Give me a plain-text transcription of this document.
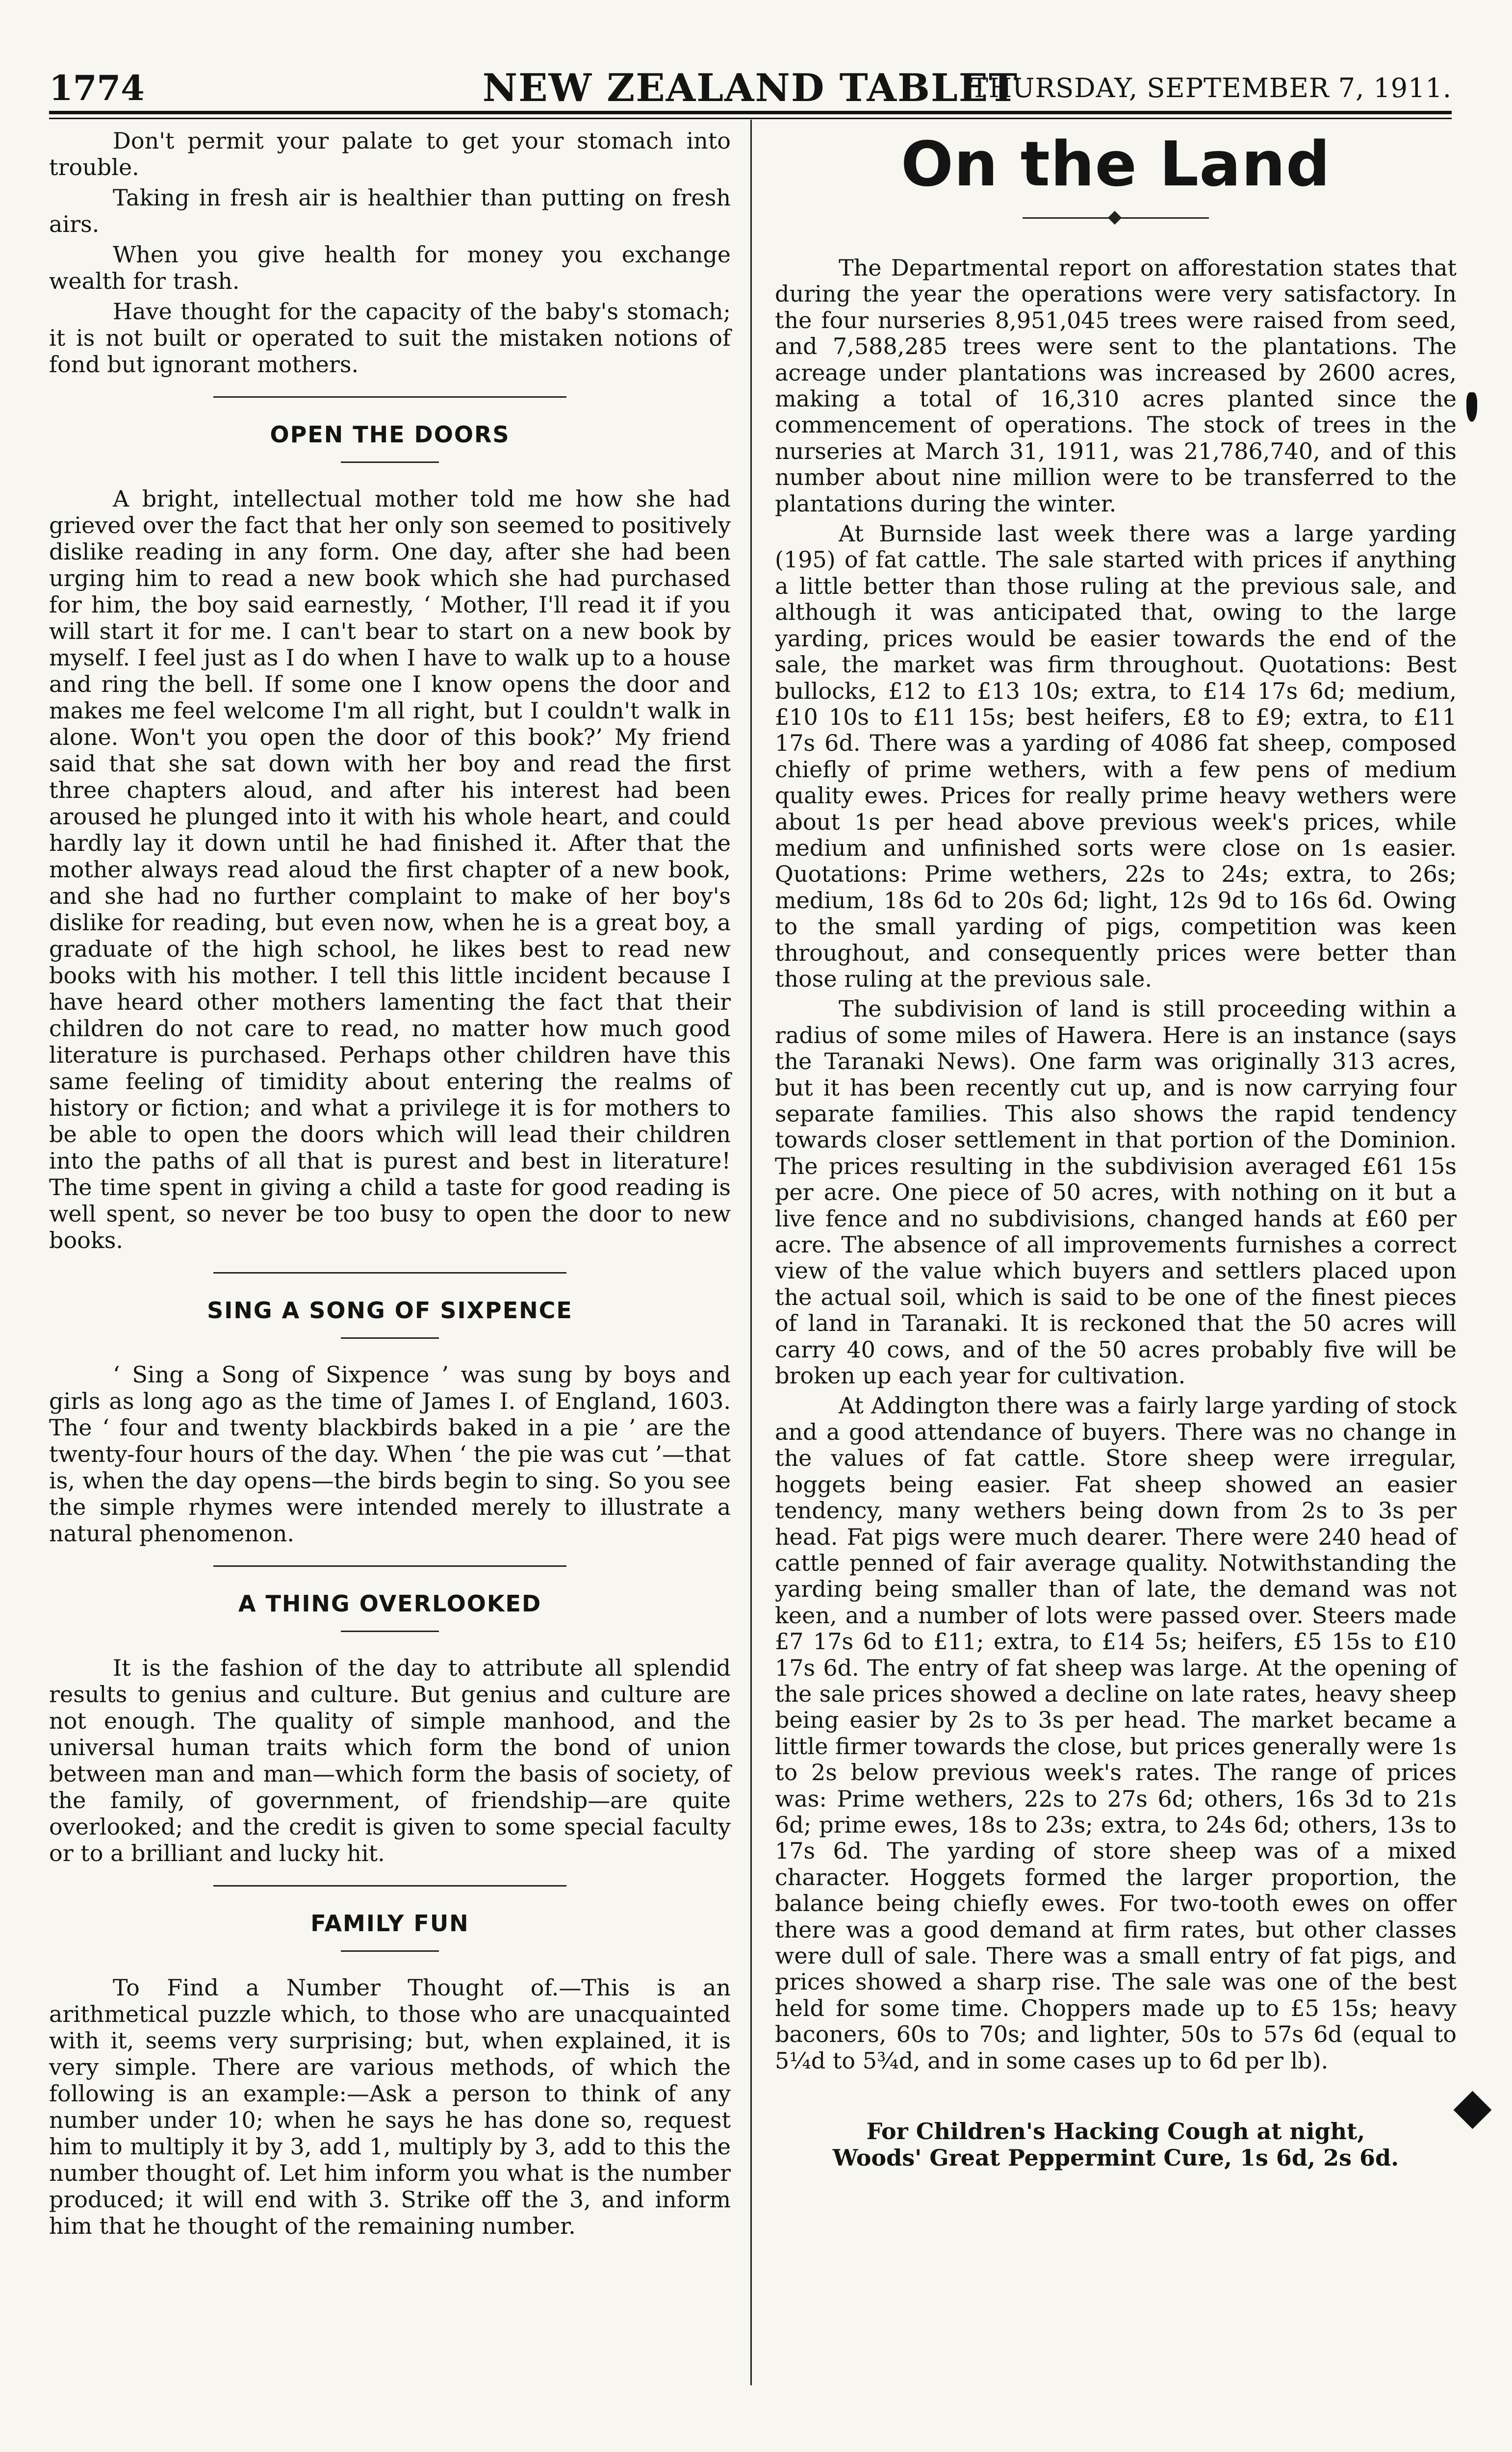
1774	NEW ZEALAND TABLET
THURSDAY, SEPTEMBER 7, 1911.

Don't permit your palate to get your stomach into trouble.

Taking in fresh air is healthier than putting on fresh airs.

When you give health for money you exchange wealth for trash.

Have thought for the capacity of the baby's stomach; it is not built or operated to suit the mistaken notions of fond but ignorant mothers.

OPEN THE DOORS

A bright, intellectual mother told me how she had grieved over the fact that her only son seemed to positively dislike reading in any form. One day, after she had been urging him to read a new book which she had purchased for him, the boy said earnestly, ‘ Mother, I'll read it if you will start it for me. I can't bear to start on a new book by myself. I feel just as I do when I have to walk up to a house and ring the bell. If some one I know opens the door and makes me feel welcome I'm all right, but I couldn't walk in alone. Won't you open the door of this book?’ My friend said that she sat down with her boy and read the first three chapters aloud, and after his interest had been aroused he plunged into it with his whole heart, and could hardly lay it down until he had finished it. After that the mother always read aloud the first chapter of a new book, and she had no further complaint to make of her boy's dislike for reading, but even now, when he is a great boy, a graduate of the high school, he likes best to read new books with his mother. I tell this little incident because I have heard other mothers lamenting the fact that their children do not care to read, no matter how much good literature is purchased. Perhaps other children have this same feeling of timidity about entering the realms of history or fiction; and what a privilege it is for mothers to be able to open the doors which will lead their children into the paths of all that is purest and best in literature! The time spent in giving a child a taste for good reading is well spent, so never be too busy to open the door to new books.

SING A SONG OF SIXPENCE

‘ Sing a Song of Sixpence ’ was sung by boys and girls as long ago as the time of James I. of England, 1603. The ‘ four and twenty blackbirds baked in a pie ’ are the twenty-four hours of the day. When ‘ the pie was cut ’—that is, when the day opens—the birds begin to sing. So you see the simple rhymes were intended merely to illustrate a natural phenomenon.

A THING OVERLOOKED

It is the fashion of the day to attribute all splendid results to genius and culture. But genius and culture are not enough. The quality of simple manhood, and the universal human traits which form the bond of union between man and man—which form the basis of society, of the family, of government, of friendship—are quite overlooked; and the credit is given to some special faculty or to a brilliant and lucky hit.

FAMILY FUN

To Find a Number Thought of.—This is an arithmetical puzzle which, to those who are unacquainted with it, seems very surprising; but, when explained, it is very simple. There are various methods, of which the following is an example:—Ask a person to think of any number under 10; when he says he has done so, request him to multiply it by 3, add 1, multiply by 3, add to this the number thought of. Let him inform you what is the number produced; it will end with 3. Strike off the 3, and inform him that he thought of the remaining number.

On the Land

The Departmental report on afforestation states that during the year the operations were very satisfactory. In the four nurseries 8,951,045 trees were raised from seed, and 7,588,285 trees were sent to the plantations. The acreage under plantations was increased by 2600 acres, making a total of 16,310 acres planted since the commencement of operations. The stock of trees in the nurseries at March 31, 1911, was 21,786,740, and of this number about nine million were to be transferred to the plantations during the winter.

At Burnside last week there was a large yarding (195) of fat cattle. The sale started with prices if anything a little better than those ruling at the previous sale, and although it was anticipated that, owing to the large yarding, prices would be easier towards the end of the sale, the market was firm throughout. Quotations: Best bullocks, £12 to £13 10s; extra, to £14 17s 6d; medium, £10 10s to £11 15s; best heifers, £8 to £9; extra, to £11 17s 6d. There was a yarding of 4086 fat sheep, composed chiefly of prime wethers, with a few pens of medium quality ewes. Prices for really prime heavy wethers were about 1s per head above previous week's prices, while medium and unfinished sorts were close on 1s easier. Quotations: Prime wethers, 22s to 24s; extra, to 26s; medium, 18s 6d to 20s 6d; light, 12s 9d to 16s 6d. Owing to the small yarding of pigs, competition was keen throughout, and consequently prices were better than those ruling at the previous sale.

The subdivision of land is still proceeding within a radius of some miles of Hawera. Here is an instance (says the Taranaki News). One farm was originally 313 acres, but it has been recently cut up, and is now carrying four separate families. This also shows the rapid tendency towards closer settlement in that portion of the Dominion. The prices resulting in the subdivision averaged £61 15s per acre. One piece of 50 acres, with nothing on it but a live fence and no subdivisions, changed hands at £60 per acre. The absence of all improvements furnishes a correct view of the value which buyers and settlers placed upon the actual soil, which is said to be one of the finest pieces of land in Taranaki. It is reckoned that the 50 acres will carry 40 cows, and of the 50 acres probably five will be broken up each year for cultivation.

At Addington there was a fairly large yarding of stock and a good attendance of buyers. There was no change in the values of fat cattle. Store sheep were irregular, hoggets being easier. Fat sheep showed an easier tendency, many wethers being down from 2s to 3s per head. Fat pigs were much dearer. There were 240 head of cattle penned of fair average quality. Notwithstanding the yarding being smaller than of late, the demand was not keen, and a number of lots were passed over. Steers made £7 17s 6d to £11; extra, to £14 5s; heifers, £5 15s to £10 17s 6d. The entry of fat sheep was large. At the opening of the sale prices showed a decline on late rates, heavy sheep being easier by 2s to 3s per head. The market became a little firmer towards the close, but prices generally were 1s to 2s below previous week's rates. The range of prices was: Prime wethers, 22s to 27s 6d; others, 16s 3d to 21s 6d; prime ewes, 18s to 23s; extra, to 24s 6d; others, 13s to 17s 6d. The yarding of store sheep was of a mixed character. Hoggets formed the larger proportion, the balance being chiefly ewes. For two-tooth ewes on offer there was a good demand at firm rates, but other classes were dull of sale. There was a small entry of fat pigs, and prices showed a sharp rise. The sale was one of the best held for some time. Choppers made up to £5 15s; heavy baconers, 60s to 70s; and lighter, 50s to 57s 6d (equal to 5¼d to 5¾d, and in some cases up to 6d per lb).

For Children's Hacking Cough at night,
Woods' Great Peppermint Cure, 1s 6d, 2s 6d.
